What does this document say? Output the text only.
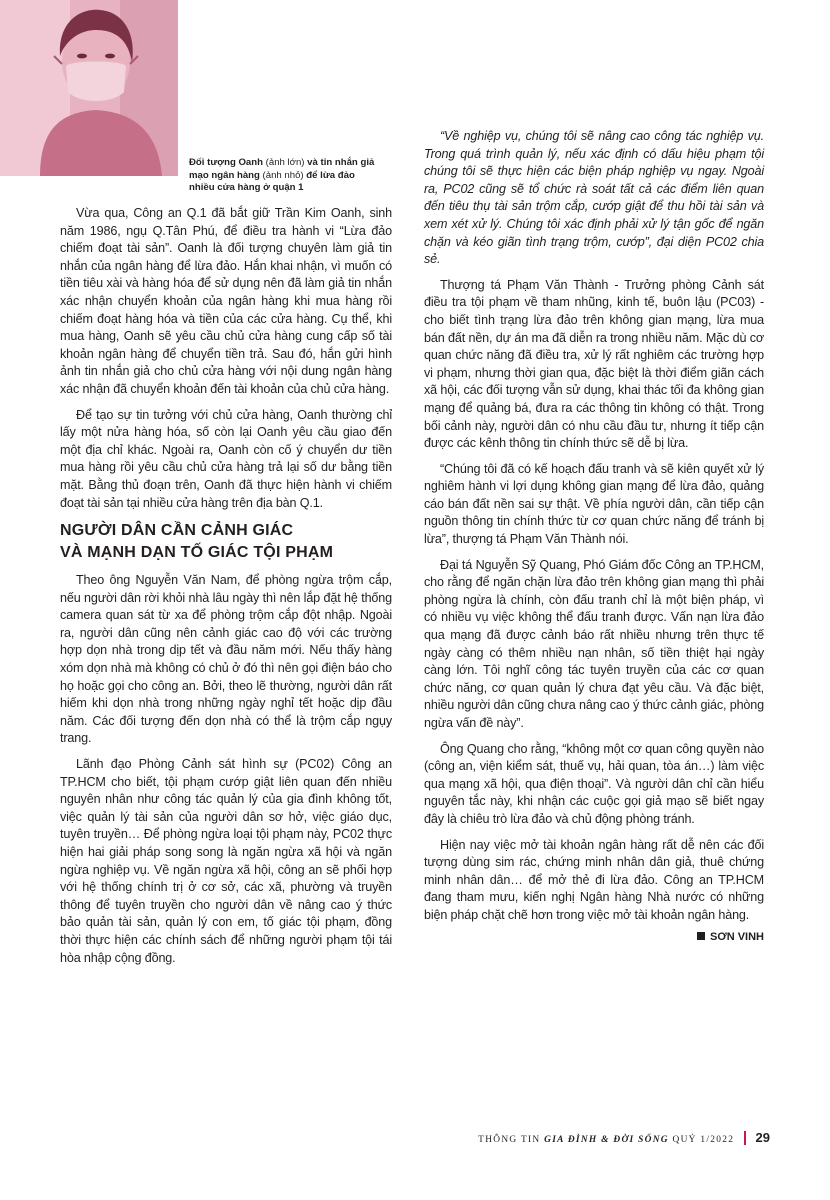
Đối tượng Oanh (ảnh lớn) và tin nhắn giả mạo ngân hàng (ảnh nhỏ) để lừa đảo nhiều cửa hàng ở quận 1

Vừa qua, Công an Q.1 đã bắt giữ Trần Kim Oanh, sinh năm 1986, ngụ Q.Tân Phú, để điều tra hành vi “Lừa đảo chiếm đoạt tài sản”. Oanh là đối tượng chuyên làm giả tin nhắn của ngân hàng để lừa đảo. Hắn khai nhận, vì muốn có tiền tiêu xài và hàng hóa để sử dụng nên đã làm giả tin nhắn xác nhận chuyển khoản của ngân hàng khi mua hàng rồi chiếm đoạt hàng hóa và tiền của các cửa hàng. Cụ thể, khi mua hàng, Oanh sẽ yêu cầu chủ cửa hàng cung cấp số tài khoản ngân hàng để chuyển tiền trả. Sau đó, hắn gửi hình ảnh tin nhắn giả cho chủ cửa hàng với nội dung ngân hàng xác nhận đã chuyển khoản đến tài khoản của chủ cửa hàng.

Để tạo sự tin tưởng với chủ cửa hàng, Oanh thường chỉ lấy một nửa hàng hóa, số còn lại Oanh yêu cầu giao đến một địa chỉ khác. Ngoài ra, Oanh còn cố ý chuyển dư tiền mua hàng rồi yêu cầu chủ cửa hàng trả lại số dư bằng tiền mặt. Bằng thủ đoạn trên, Oanh đã thực hiện hành vi chiếm đoạt tài sản tại nhiều cửa hàng trên địa bàn Q.1.

NGƯỜI DÂN CẦN CẢNH GIÁC
VÀ MẠNH DẠN TỐ GIÁC TỘI PHẠM

Theo ông Nguyễn Văn Nam, để phòng ngừa trộm cắp, nếu người dân rời khỏi nhà lâu ngày thì nên lắp đặt hệ thống camera quan sát từ xa để phòng trộm cắp đột nhập. Ngoài ra, người dân cũng nên cảnh giác cao độ với các trường hợp dọn nhà trong dịp tết và đầu năm mới. Nếu thấy hàng xóm dọn nhà mà không có chủ ở đó thì nên gọi điện báo cho họ hoặc gọi cho công an. Bởi, theo lẽ thường, người dân rất hiếm khi dọn nhà trong những ngày nghỉ tết hoặc dịp đầu năm. Các đối tượng đến dọn nhà có thể là trộm cắp ngụy trang.

Lãnh đạo Phòng Cảnh sát hình sự (PC02) Công an TP.HCM cho biết, tội phạm cướp giật liên quan đến nhiều nguyên nhân như công tác quản lý của gia đình không tốt, việc quản lý tài sản của người dân sơ hở, việc giáo dục, tuyên truyền… Để phòng ngừa loại tội phạm này, PC02 thực hiện hai giải pháp song song là ngăn ngừa xã hội và ngăn ngừa nghiệp vụ. Về ngăn ngừa xã hội, công an sẽ phối hợp với hệ thống chính trị ở cơ sở, các xã, phường và truyền thông để tuyên truyền cho người dân về nâng cao ý thức bảo quản tài sản, quản lý con em, tố giác tội phạm, đồng thời thực hiện các chính sách để những người phạm tội tái hòa nhập cộng đồng.

“Về nghiệp vụ, chúng tôi sẽ nâng cao công tác nghiệp vụ. Trong quá trình quản lý, nếu xác định có dấu hiệu phạm tội chúng tôi sẽ thực hiện các biện pháp nghiệp vụ ngay. Ngoài ra, PC02 cũng sẽ tổ chức rà soát tất cả các điểm liên quan đến tiêu thụ tài sản trộm cắp, cướp giật để thu hồi tài sản và xem xét xử lý. Chúng tôi xác định phải xử lý tận gốc để ngăn chặn và kéo giãn tình trạng trộm, cướp”, đại diện PC02 chia sẻ.

Thượng tá Phạm Văn Thành - Trưởng phòng Cảnh sát điều tra tội phạm về tham nhũng, kinh tế, buôn lậu (PC03) - cho biết tình trạng lừa đảo trên không gian mạng, lừa mua bán đất nền, dự án ma đã diễn ra trong nhiều năm. Mặc dù cơ quan chức năng đã điều tra, xử lý rất nghiêm các trường hợp vi phạm, nhưng thời gian qua, đặc biệt là thời điểm giãn cách xã hội, các đối tượng vẫn sử dụng, khai thác tối đa không gian mạng để quảng bá, đưa ra các thông tin không có thật. Trong bối cảnh này, người dân có nhu cầu đầu tư, nhưng ít tiếp cận được các kênh thông tin chính thức sẽ dễ bị lừa.

“Chúng tôi đã có kế hoạch đấu tranh và sẽ kiên quyết xử lý nghiêm hành vi lợi dụng không gian mạng để lừa đảo, quảng cáo bán đất nền sai sự thật. Về phía người dân, cần tiếp cận nguồn thông tin chính thức từ cơ quan chức năng để tránh bị lừa”, thượng tá Phạm Văn Thành nói.

Đại tá Nguyễn Sỹ Quang, Phó Giám đốc Công an TP.HCM, cho rằng để ngăn chặn lừa đảo trên không gian mạng thì phải phòng ngừa là chính, còn đấu tranh chỉ là một biện pháp, vì có nhiều vụ việc không thể đấu tranh được. Vấn nạn lừa đảo qua mạng đã được cảnh báo rất nhiều nhưng trên thực tế ngày càng có thêm nhiều nạn nhân, số tiền thiệt hại ngày càng lớn. Tôi nghĩ công tác tuyên truyền của các cơ quan chức năng, cơ quan quản lý chưa đạt yêu cầu. Và đặc biệt, nhiều người dân cũng chưa nâng cao ý thức cảnh giác, phòng ngừa vấn đề này”.

Ông Quang cho rằng, “không một cơ quan công quyền nào (công an, viện kiểm sát, thuế vụ, hải quan, tòa án…) làm việc qua mạng xã hội, qua điện thoại”. Và người dân chỉ cần hiểu nguyên tắc này, khi nhận các cuộc gọi giả mạo sẽ biết ngay đây là chiêu trò lừa đảo và chủ động phòng tránh.

Hiện nay việc mở tài khoản ngân hàng rất dễ nên các đối tượng dùng sim rác, chứng minh nhân dân giả, thuê chứng minh nhân dân… để mở thẻ đi lừa đảo. Công an TP.HCM đang tham mưu, kiến nghị Ngân hàng Nhà nước có những biện pháp chặt chẽ hơn trong việc mở tài khoản ngân hàng.

SƠN VINH
THÔNG TIN GIA ĐÌNH & ĐỜI SỐNG QUÝ 1/2022 29
